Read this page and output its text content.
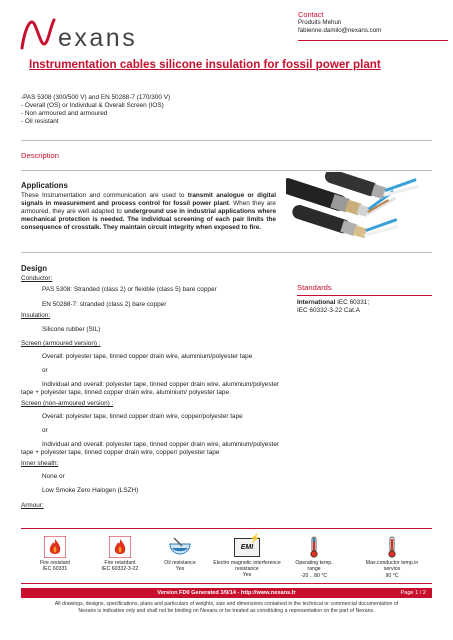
exans
Contact
Produits Mehun
fabienne.damilo@nexans.com
Instrumentation cables silicone insulation for fossil power plant
-PAS 5308 (300/500 V) and EN 50288-7 (170/300 V)
- Overall (OS) or Individual & Overall Screen (IOS)
- Non armoured and armoured
- Oil resistant
Description
Applications
These Instrumentation and communication are used to transmit analogue or digital signals in measurement and process control for fossil power plant. When they are armoured, they are well adapted to underground use in industrial applications where mechanical protection is needed. The individual screening of each pair limits the consequence of crosstalk. They maintain circuit integrity when exposed to fire.
Design
Conductor:
PAS 5308: Stranded (class 2) or flexible (class 5) bare copper
EN 50288-7: stranded (class 2) bare copper
Insulation:
Silicone rubber (SIL)
Screen (armoured version) :
Overall: polyester tape, tinned copper drain wire, aluminium/polyester tape
or
Individual and overall: polyester tape, tinned copper drain wire, aluminium/polyester tape + polyester tape, tinned copper drain wire, aluminium/ polyester tape
Screen (non-armoured version) :
Overall: polyester tape, tinned copper drain wire, copper/polyester tape
or
Individual and overall: polyester tape, tinned copper drain wire, aluminium/polyester tape + polyester tape, tinned copper drain wire, copper/ polyester tape
Inner sheath:
None or
Low Smoke Zero Halogen (LSZH)
Armour:
Standards
International IEC 60331;
IEC 60332-3-22 Cat.A
Fire resistant
IEC 60331
Fire retardant
IEC 60332-3-22
Oil resistance
Yes
EMI
⚡
Electro magnetic interference
resistance
Yes
Operating temp.
range
-20 .. 80 °C
Max.conductor temp.in
service
90 °C
Version FD0 Generated 3/9/14 - http://www.nexans.fr	Page 1 / 2
All drawings, designs, specifications, plans and particulars of weights, size and dimensions contained in the technical or commercial documentation of
Nexans is indicative only and shall not be binding on Nexans or be treated as constituting a representation on the part of Nexans.
